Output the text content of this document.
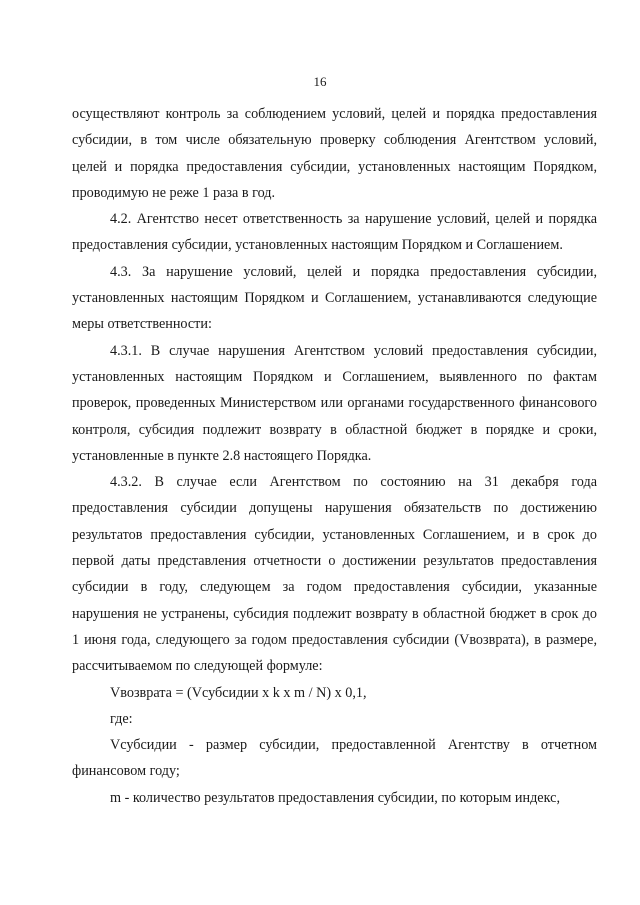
16

осуществляют контроль за соблюдением условий, целей и порядка предоставления субсидии, в том числе обязательную проверку соблюдения Агентством условий, целей и порядка предоставления субсидии, установленных настоящим Порядком, проводимую не реже 1 раза в год.

4.2. Агентство несет ответственность за нарушение условий, целей и порядка предоставления субсидии, установленных настоящим Порядком и Соглашением.

4.3. За нарушение условий, целей и порядка предоставления субсидии, установленных настоящим Порядком и Соглашением, устанавливаются следующие меры ответственности:

4.3.1. В случае нарушения Агентством условий предоставления субсидии, установленных настоящим Порядком и Соглашением, выявленного по фактам проверок, проведенных Министерством или органами государственного финансового контроля, субсидия подлежит возврату в областной бюджет в порядке и сроки, установленные в пункте 2.8 настоящего Порядка.

4.3.2. В случае если Агентством по состоянию на 31 декабря года предоставления субсидии допущены нарушения обязательств по достижению результатов предоставления субсидии, установленных Соглашением, и в срок до первой даты представления отчетности о достижении результатов предоставления субсидии в году, следующем за годом предоставления субсидии, указанные нарушения не устранены, субсидия подлежит возврату в областной бюджет в срок до 1 июня года, следующего за годом предоставления субсидии (Vвозврата), в размере, рассчитываемом по следующей формуле:

Vвозврата = (Vсубсидии x k x m / N) x 0,1,

где:

Vсубсидии - размер субсидии, предоставленной Агентству в отчетном финансовом году;

m - количество результатов предоставления субсидии, по которым индекс,
